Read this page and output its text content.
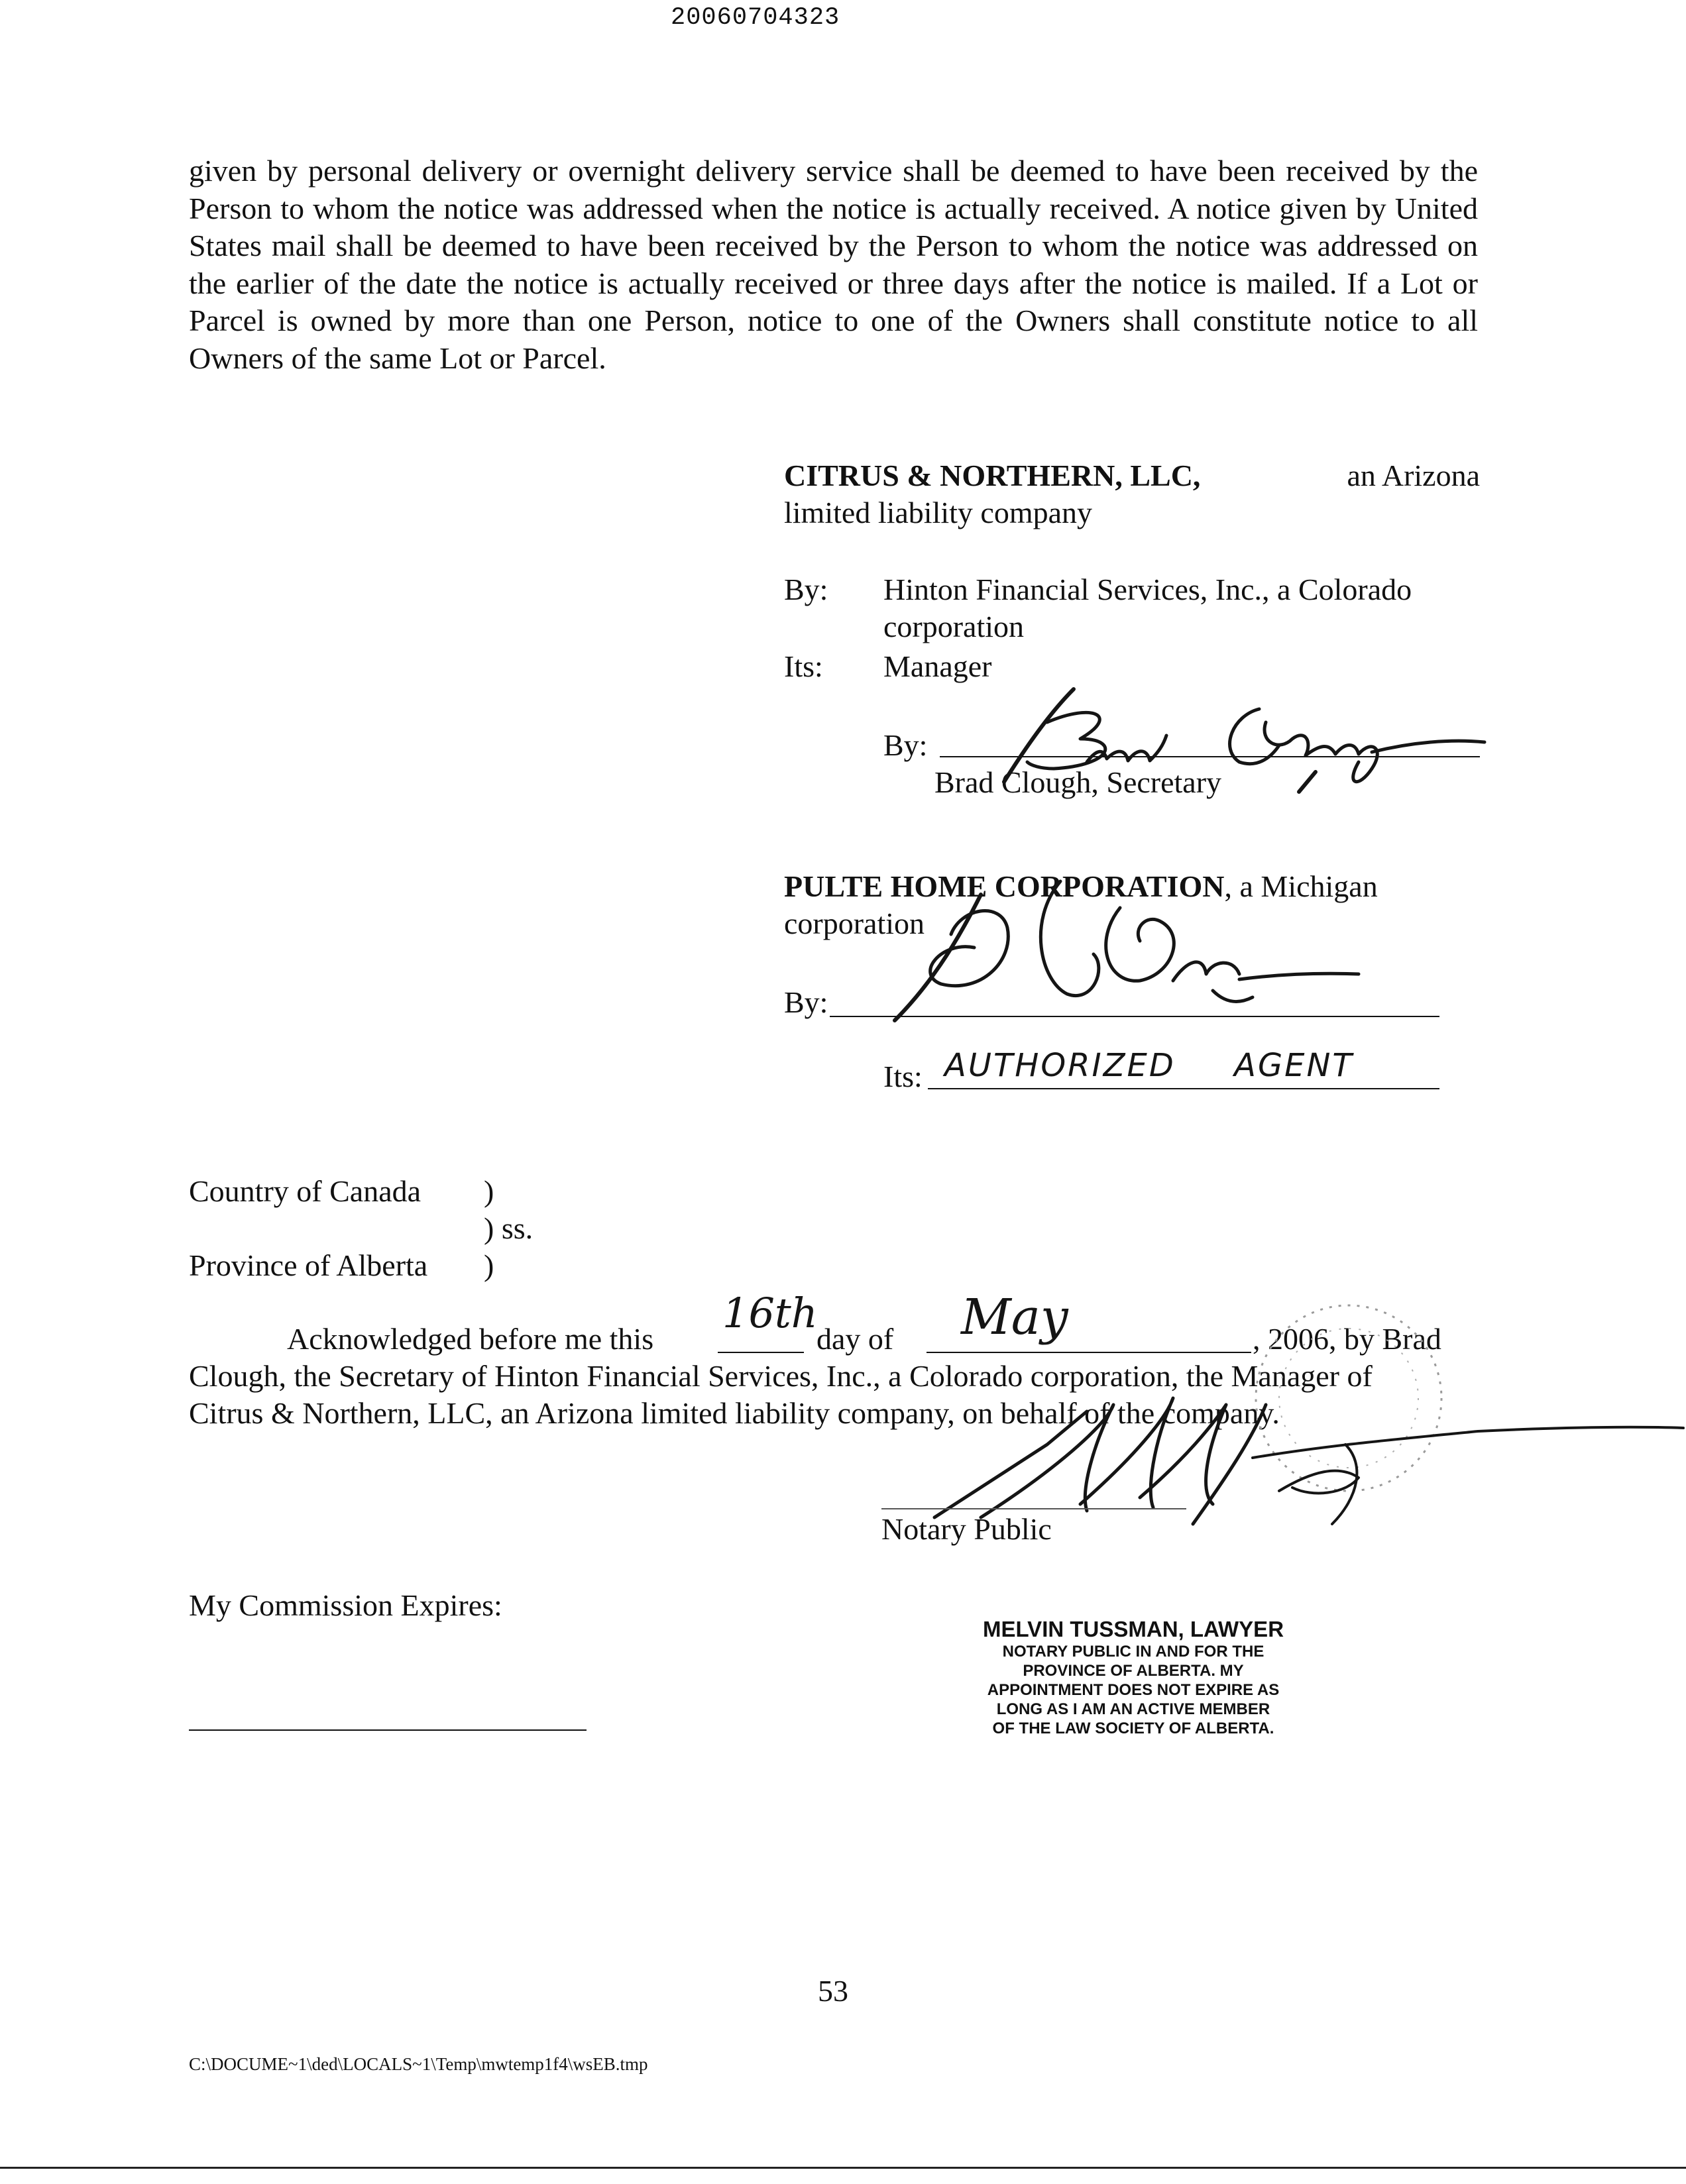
20060704323

given by personal delivery or overnight delivery service shall be deemed to have been received by the Person to whom the notice was addressed when the notice is actually received. A notice given by United States mail shall be deemed to have been received by the Person to whom the notice was addressed on the earlier of the date the notice is actually received or three days after the notice is mailed. If a Lot or Parcel is owned by more than one Person, notice to one of the Owners shall constitute notice to all Owners of the same Lot or Parcel.

CITRUS & NORTHERN, LLC,	an Arizona
limited liability company
By: Hinton Financial Services, Inc., a Colorado
corporation
Its: Manager
By:
Brad Clough, Secretary
PULTE HOME CORPORATION, a Michigan
corporation
By:
Its: AUTHORIZED AGENT
Country of Canada )
) ss.
Province of Alberta )
Acknowledged before me this
16th
day of May	, 2006, by Brad
Clough, the Secretary of Hinton Financial Services, Inc., a Colorado corporation, the Manager of
Citrus & Northern, LLC, an Arizona limited liability company, on behalf of the company.
Notary Public
My Commission Expires:
MELVIN TUSSMAN, LAWYER
NOTARY PUBLIC IN AND FOR THE
PROVINCE OF ALBERTA. MY
APPOINTMENT DOES NOT EXPIRE AS
LONG AS I AM AN ACTIVE MEMBER
OF THE LAW SOCIETY OF ALBERTA.
53
C:\DOCUME~1\ded\LOCALS~1\Temp\mwtemp1f4\wsEB.tmp
